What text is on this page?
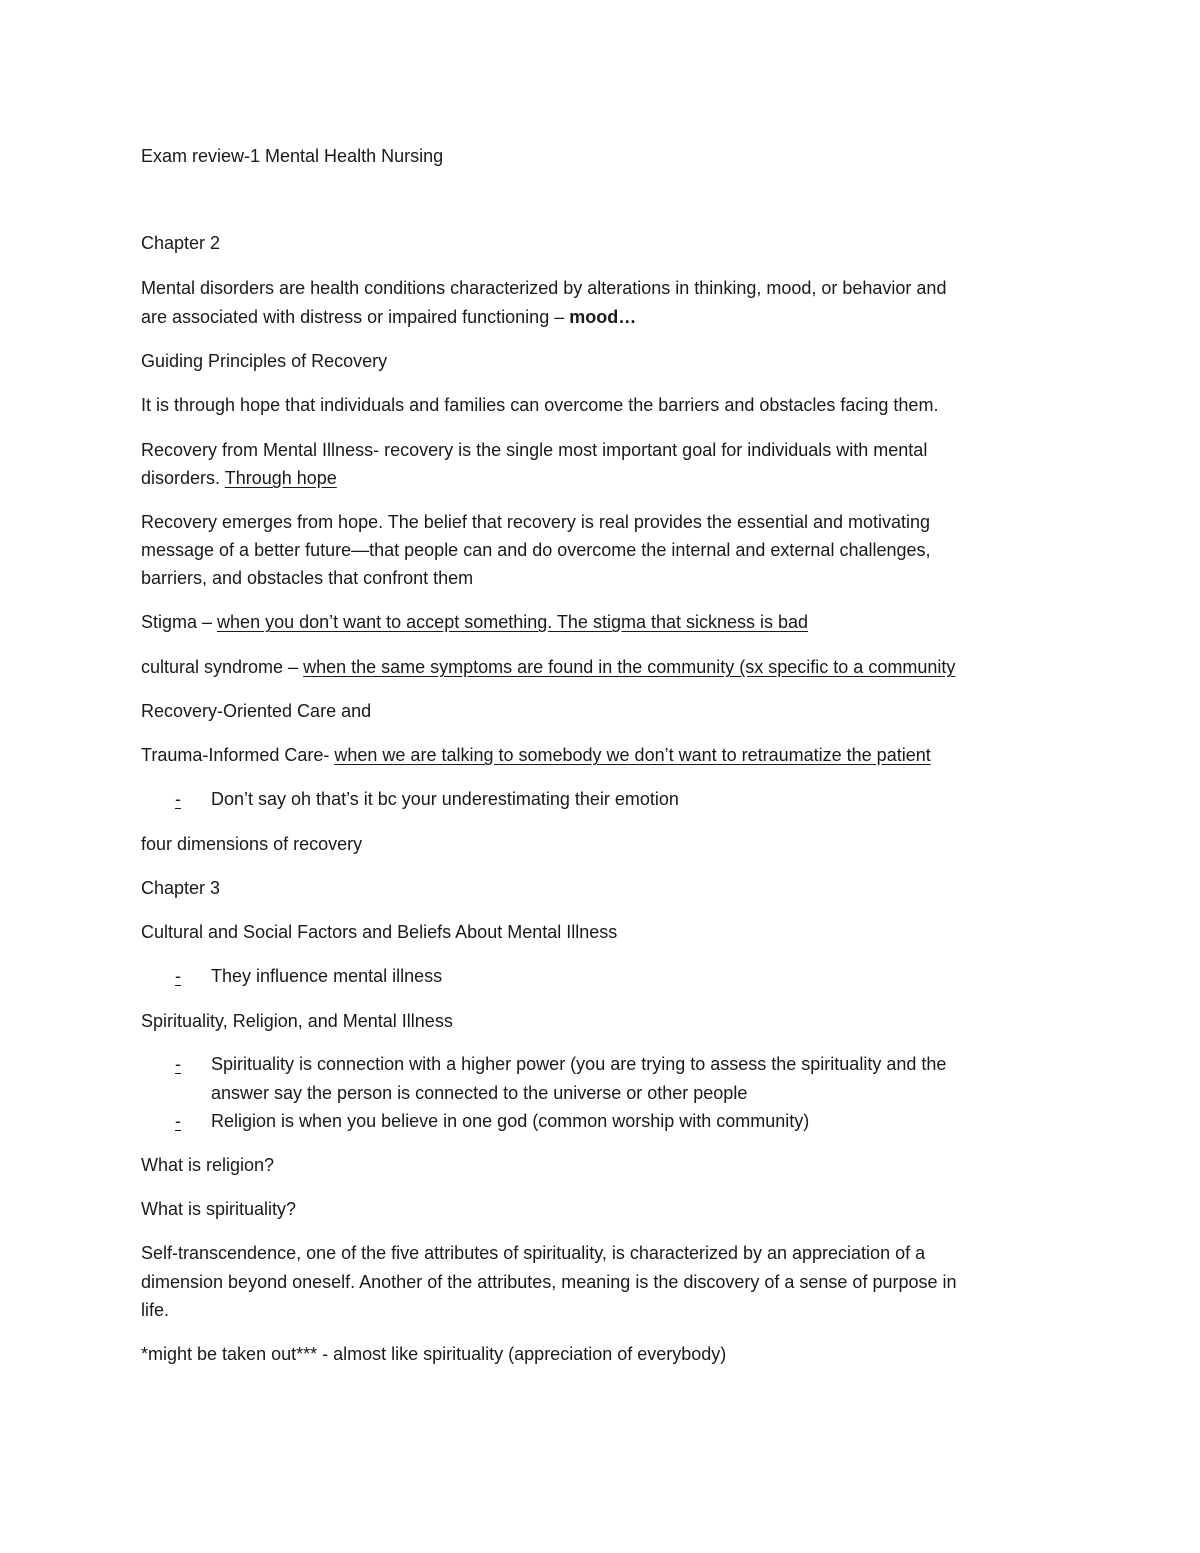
Exam review-1 Mental Health Nursing
Chapter 2
Mental disorders are health conditions characterized by alterations in thinking, mood, or behavior and
are associated with distress or impaired functioning – mood…
Guiding Principles of Recovery
It is through hope that individuals and families can overcome the barriers and obstacles facing them.
Recovery from Mental Illness- recovery is the single most important goal for individuals with mental
disorders. Through hope
Recovery emerges from hope. The belief that recovery is real provides the essential and motivating
message of a better future—that people can and do overcome the internal and external challenges,
barriers, and obstacles that confront them
Stigma – when you don’t want to accept something. The stigma that sickness is bad
cultural syndrome – when the same symptoms are found in the community (sx specific to a community
Recovery-Oriented Care and
Trauma-Informed Care- when we are talking to somebody we don’t want to retraumatize the patient
- Don’t say oh that’s it bc your underestimating their emotion
four dimensions of recovery
Chapter 3
Cultural and Social Factors and Beliefs About Mental Illness
- They influence mental illness
Spirituality, Religion, and Mental Illness
- Spirituality is connection with a higher power (you are trying to assess the spirituality and the
answer say the person is connected to the universe or other people
- Religion is when you believe in one god (common worship with community)
What is religion?
What is spirituality?
Self-transcendence, one of the five attributes of spirituality, is characterized by an appreciation of a
dimension beyond oneself. Another of the attributes, meaning is the discovery of a sense of purpose in
life.
*might be taken out*** - almost like spirituality (appreciation of everybody)
